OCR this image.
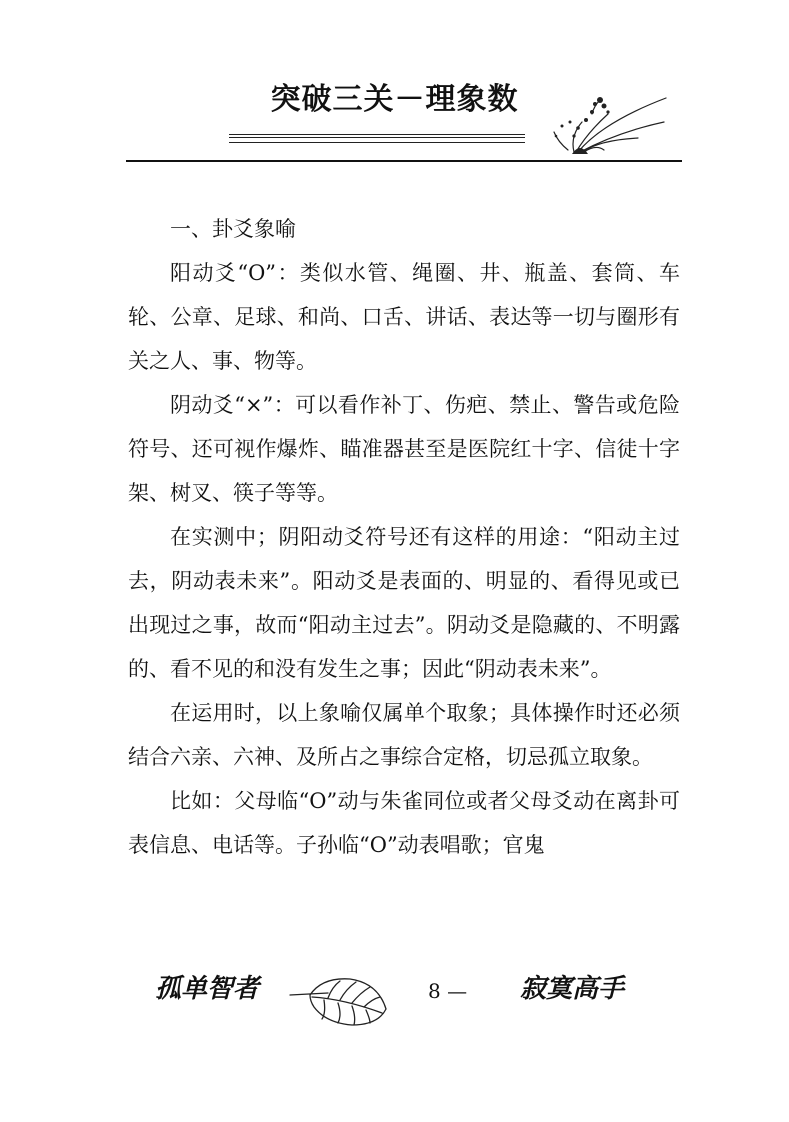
突破三关－理象数

一、卦爻象喻

阳动爻“O”：类似水管、绳圈、井、瓶盖、套筒、车轮、公章、足球、和尚、口舌、讲话、表达等一切与圈形有关之人、事、物等。

阴动爻“×”：可以看作补丁、伤疤、禁止、警告或危险符号、还可视作爆炸、瞄准器甚至是医院红十字、信徒十字架、树叉、筷子等等。

在实测中；阴阳动爻符号还有这样的用途：“阳动主过去，阴动表未来”。阳动爻是表面的、明显的、看得见或已出现过之事，故而“阳动主过去”。阴动爻是隐藏的、不明露的、看不见的和没有发生之事；因此“阴动表未来”。

在运用时，以上象喻仅属单个取象；具体操作时还必须结合六亲、六神、及所占之事综合定格，切忌孤立取象。

比如：父母临“O”动与朱雀同位或者父母爻动在离卦可表信息、电话等。子孙临“O”动表唱歌；官鬼

孤单智者	8 — 寂寞高手
